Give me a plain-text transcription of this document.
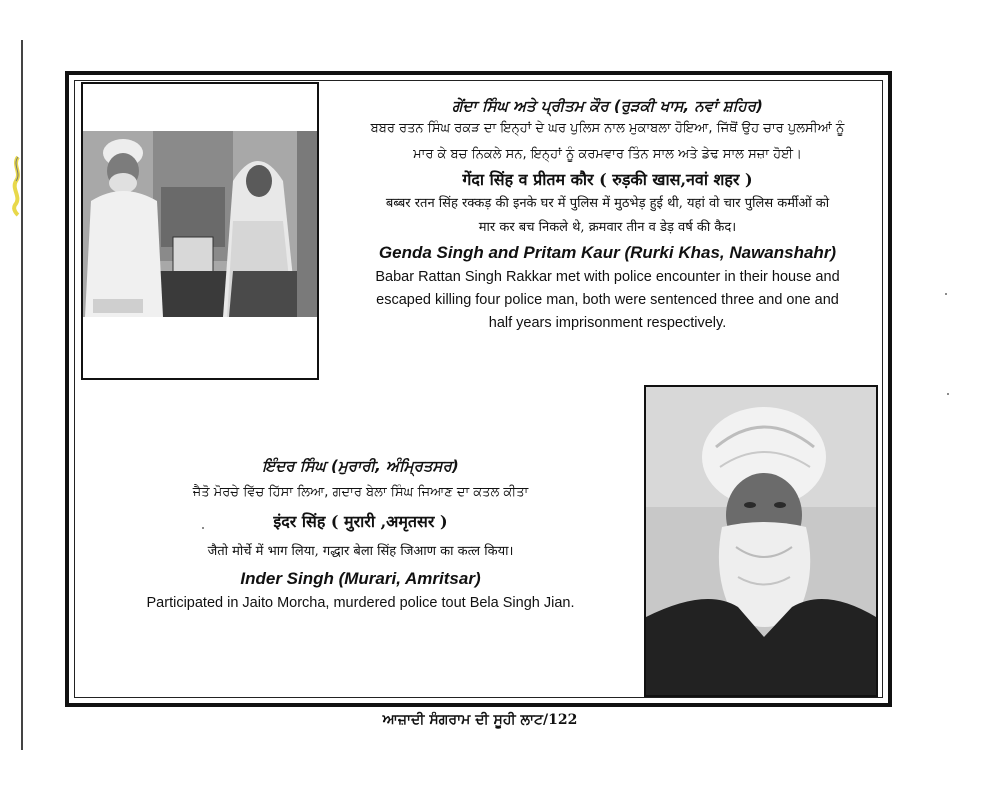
ਗੇਂਦਾ ਸਿੰਘ ਅਤੇ ਪ੍ਰੀਤਮ ਕੌਰ (ਰੁੜਕੀ ਖਾਸ, ਨਵਾਂ ਸ਼ਹਿਰ)

ਬਬਰ ਰਤਨ ਸਿੰਘ ਰਕੜ ਦਾ ਇਨ੍ਹਾਂ ਦੇ ਘਰ ਪੁਲਿਸ ਨਾਲ ਮੁਕਾਬਲਾ ਹੋਇਆ, ਜਿੱਥੋਂ ਉਹ ਚਾਰ ਪੁਲਸੀਆਂ ਨੂੰ

ਮਾਰ ਕੇ ਬਚ ਨਿਕਲੇ ਸਨ, ਇਨ੍ਹਾਂ ਨੂੰ ਕਰਮਵਾਰ ਤਿੰਨ ਸਾਲ ਅਤੇ ਡੇਢ ਸਾਲ ਸਜ਼ਾ ਹੋਈ।

गेंदा सिंह व प्रीतम कौर ( रुड़की खास,नवां शहर )

बब्बर रतन सिंह रक्कड़ की इनके घर में पुलिस में मुठभेड़ हुई थी, यहां वो चार पुलिस कर्मीओं को

मार कर बच निकले थे, क्रमवार तीन व डेड़ वर्ष की कैद।

Genda Singh and Pritam Kaur (Rurki Khas, Nawanshahr)

Babar Rattan Singh Rakkar met with police encounter in their house and

escaped killing four police man, both were sentenced three and one and

half years imprisonment respectively.

ਇੰਦਰ ਸਿੰਘ (ਮੁਰਾਰੀ, ਅੰਮ੍ਰਿਤਸਰ)

ਜੈਤੋ ਮੋਰਚੇ ਵਿੱਚ ਹਿੱਸਾ ਲਿਆ, ਗਦਾਰ ਬੇਲਾ ਸਿੰਘ ਜਿਆਣ ਦਾ ਕਤਲ ਕੀਤਾ

इंदर सिंह ( मुरारी ,अमृतसर )

जैतो मोर्चे में भाग लिया, गद्धार बेला सिंह जिआण का कत्ल किया।

Inder Singh (Murari, Amritsar)

Participated in Jaito Morcha, murdered police tout Bela Singh Jian.

ਆਜ਼ਾਦੀ ਸੰਗਰਾਮ ਦੀ ਸੂਹੀ ਲਾਟ/122
